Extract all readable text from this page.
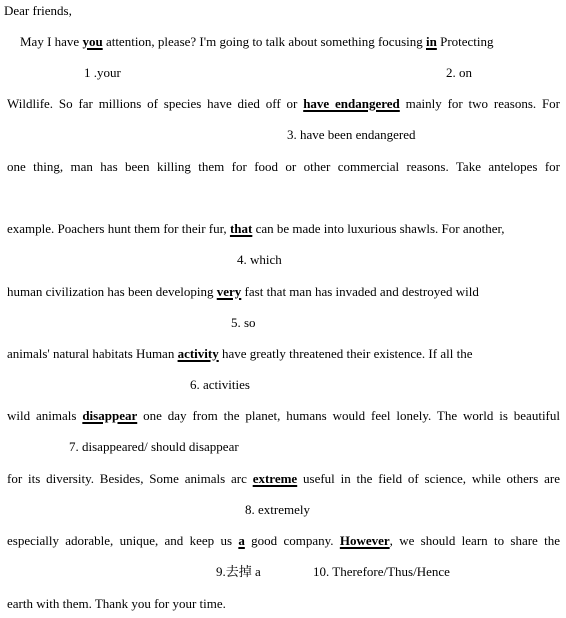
Dear friends,
May I have you attention, please? I'm going to talk about something focusing in Protecting
1 .your	2. on
Wildlife. So far millions of species have died off or have endangered mainly for two reasons. For
3. have been endangered
one thing, man has been killing them for food or other commercial reasons. Take antelopes for
example. Poachers hunt them for their fur, that can be made into luxurious shawls. For another,
4. which
human civilization has been developing very fast that man has invaded and destroyed wild
5. so
animals' natural habitats Human activity have greatly threatened their existence. If all the
6. activities
wild animals disappear one day from the planet, humans would feel lonely. The world is beautiful
7. disappeared/ should disappear
for its diversity. Besides, Some animals arc extreme useful in the field of science, while others are
8. extremely
especially adorable, unique, and keep us a good company. However, we should learn to share the
9.去掉 a	10. Therefore/Thus/Hence
earth with them. Thank you for your time.
